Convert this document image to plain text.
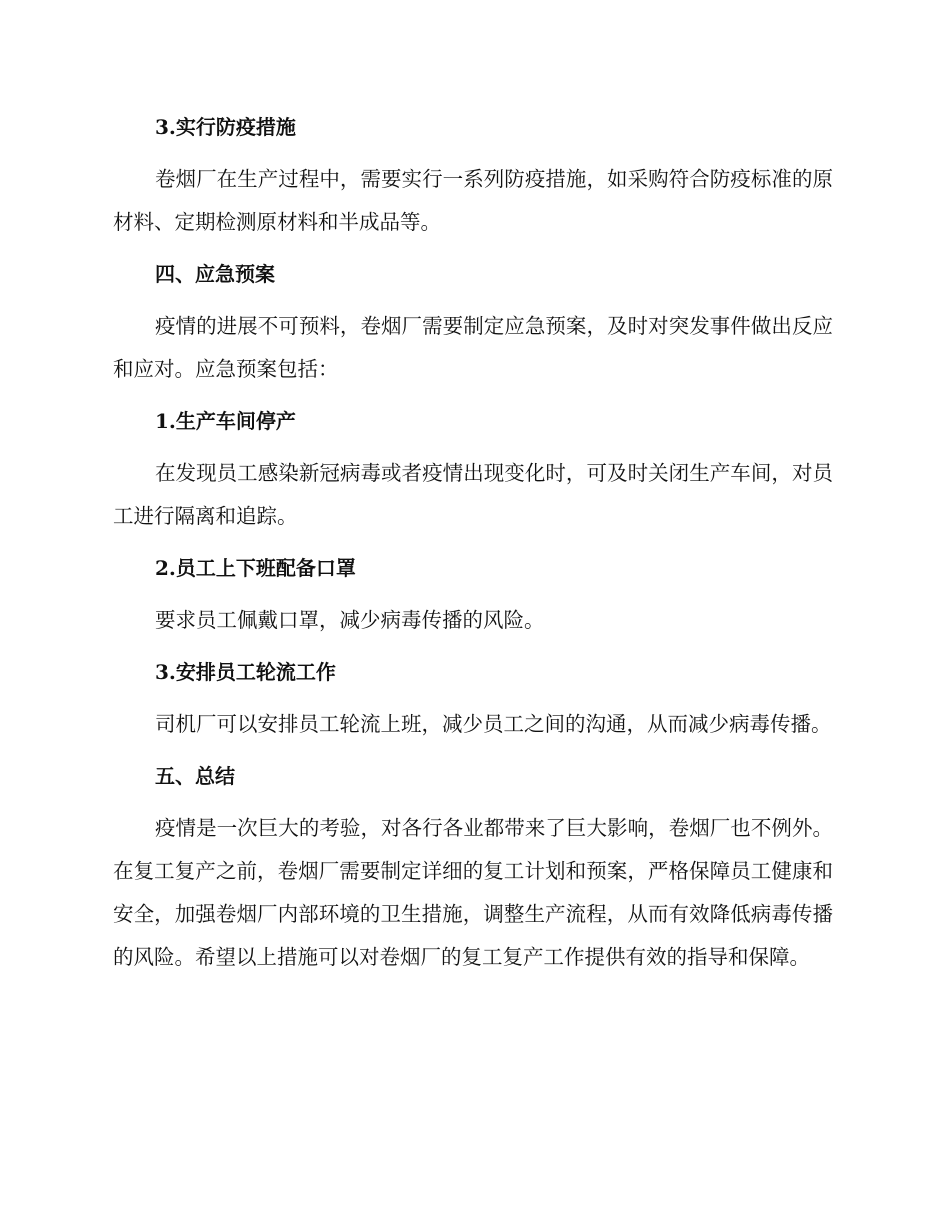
3.实行防疫措施

卷烟厂在生产过程中，需要实行一系列防疫措施，如采购符合防疫标准的原材料、定期检测原材料和半成品等。

四、应急预案

疫情的进展不可预料，卷烟厂需要制定应急预案，及时对突发事件做出反应和应对。应急预案包括：

1.生产车间停产

在发现员工感染新冠病毒或者疫情出现变化时，可及时关闭生产车间，对员工进行隔离和追踪。

2.员工上下班配备口罩

要求员工佩戴口罩，减少病毒传播的风险。

3.安排员工轮流工作

司机厂可以安排员工轮流上班，减少员工之间的沟通，从而减少病毒传播。

五、总结

疫情是一次巨大的考验，对各行各业都带来了巨大影响，卷烟厂也不例外。在复工复产之前，卷烟厂需要制定详细的复工计划和预案，严格保障员工健康和安全，加强卷烟厂内部环境的卫生措施，调整生产流程，从而有效降低病毒传播的风险。希望以上措施可以对卷烟厂的复工复产工作提供有效的指导和保障。
